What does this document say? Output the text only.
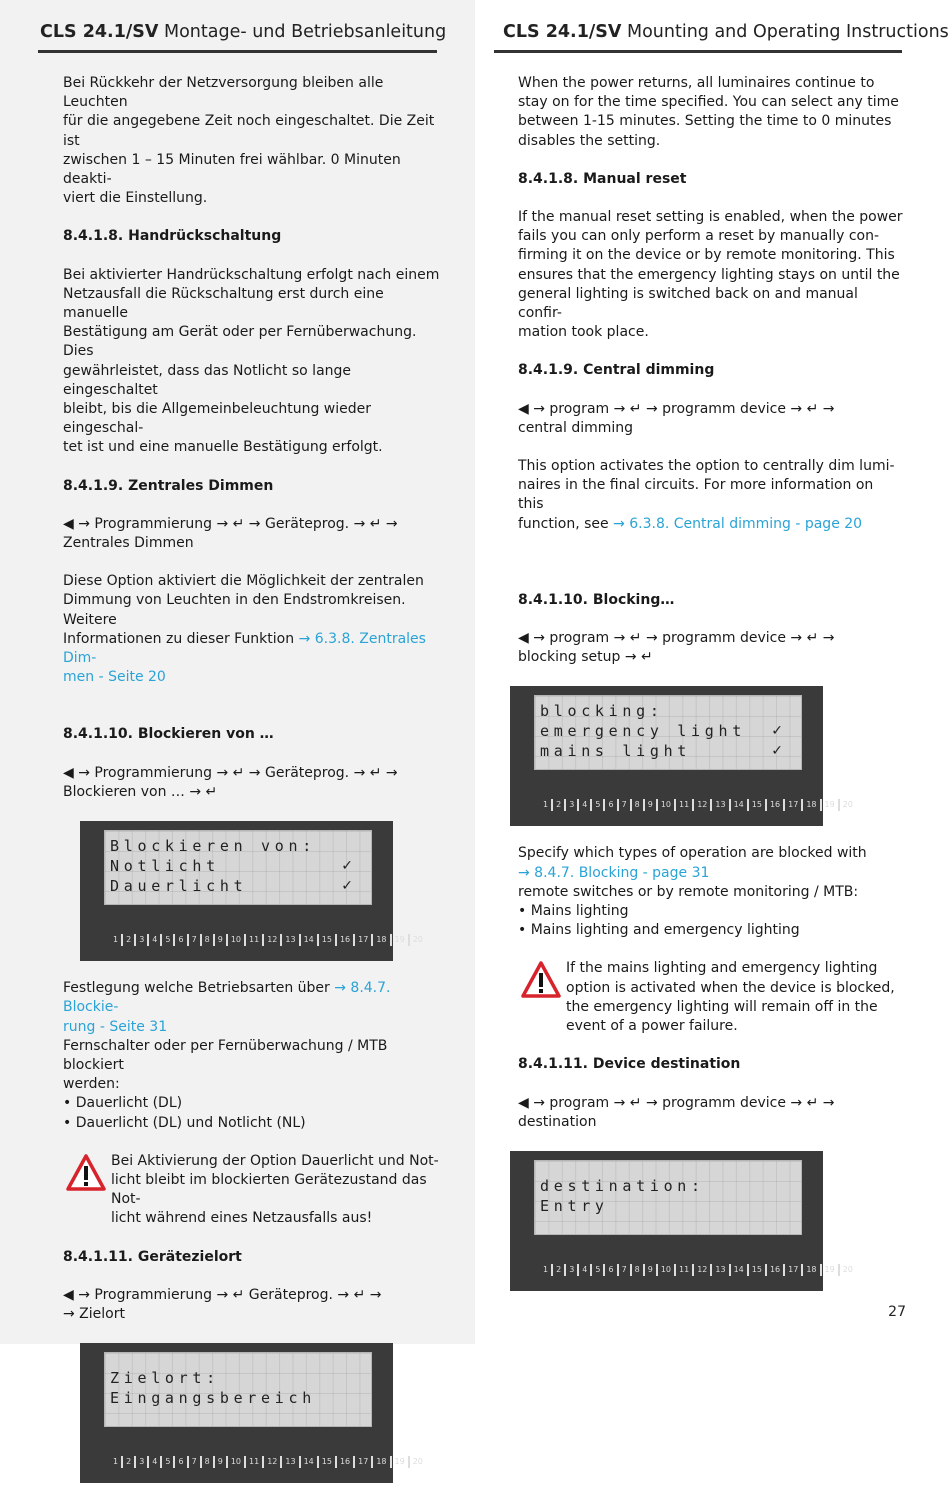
CLS 24.1/SV Montage- und Betriebsanleitung

Bei Rückkehr der Netzversorgung bleiben alle Leuchten

für die angegebene Zeit noch eingeschaltet. Die Zeit ist

zwischen 1 – 15 Minuten frei wählbar. 0 Minuten deakti-

viert die Einstellung.

8.4.1.8. Handrückschaltung

Bei aktivierter Handrückschaltung erfolgt nach einem

Netzausfall die Rückschaltung erst durch eine manuelle

Bestätigung am Gerät oder per Fernüberwachung. Dies

gewährleistet, dass das Notlicht so lange eingeschaltet

bleibt, bis die Allgemeinbeleuchtung wieder eingeschal-

tet ist und eine manuelle Bestätigung erfolgt.

8.4.1.9. Zentrales Dimmen

◀ → Programmierung → ↵ → Geräteprog. → ↵ →

Zentrales Dimmen

Diese Option aktiviert die Möglichkeit der zentralen

Dimmung von Leuchten in den Endstromkreisen. Weitere

Informationen zu dieser Funktion → 6.3.8. Zentrales Dim-

men - Seite 20

8.4.1.10. Blockieren von …

◀ → Programmierung → ↵ → Geräteprog. → ↵ →

Blockieren von … → ↵

Blockieren von:
Notlicht
Dauerlicht
✓
✓
1	2	3	4	5	6	7	8	9	10	11	12	13	14	15	16	17	18	19	20

Festlegung welche Betriebsarten über → 8.4.7. Blockie-

rung - Seite 31

Fernschalter oder per Fernüberwachung / MTB blockiert

werden:

• Dauerlicht (DL)

• Dauerlicht (DL) und Notlicht (NL)

Bei Aktivierung der Option Dauerlicht und Not-

licht bleibt im blockierten Gerätezustand das Not-

licht während eines Netzausfalls aus!

8.4.1.11. Gerätezielort

◀ → Programmierung → ↵ Geräteprog. → ↵ →

→ Zielort

Zielort:
Eingangsbereich
1	2	3	4	5	6	7	8	9	10	11	12	13	14	15	16	17	18	19	20
CLS 24.1/SV Mounting and Operating Instructions

When the power returns, all luminaires continue to

stay on for the time specified. You can select any time

between 1-15 minutes. Setting the time to 0 minutes

disables the setting.

8.4.1.8. Manual reset

If the manual reset setting is enabled, when the power

fails you can only perform a reset by manually con-

firming it on the device or by remote monitoring. This

ensures that the emergency lighting stays on until the

general lighting is switched back on and manual confir-

mation took place.

8.4.1.9. Central dimming

◀ → program → ↵ → programm device → ↵ →

central dimming

This option activates the option to centrally dim lumi-

naires in the final circuits. For more information on this

function, see → 6.3.8. Central dimming - page 20

8.4.1.10. Blocking…

◀ → program → ↵ → programm device → ↵ →

blocking setup → ↵

blocking:
emergency light
mains light
✓
✓
1	2	3	4	5	6	7	8	9	10	11	12	13	14	15	16	17	18	19	20

Specify which types of operation are blocked with

→ 8.4.7. Blocking - page 31

remote switches or by remote monitoring / MTB:

• Mains lighting

• Mains lighting and emergency lighting

If the mains lighting and emergency lighting

option is activated when the device is blocked,

the emergency lighting will remain off in the

event of a power failure.

8.4.1.11. Device destination

◀ → program → ↵ → programm device → ↵ →

destination

destination:
Entry
1	2	3	4	5	6	7	8	9	10	11	12	13	14	15	16	17	18	19	20
27
